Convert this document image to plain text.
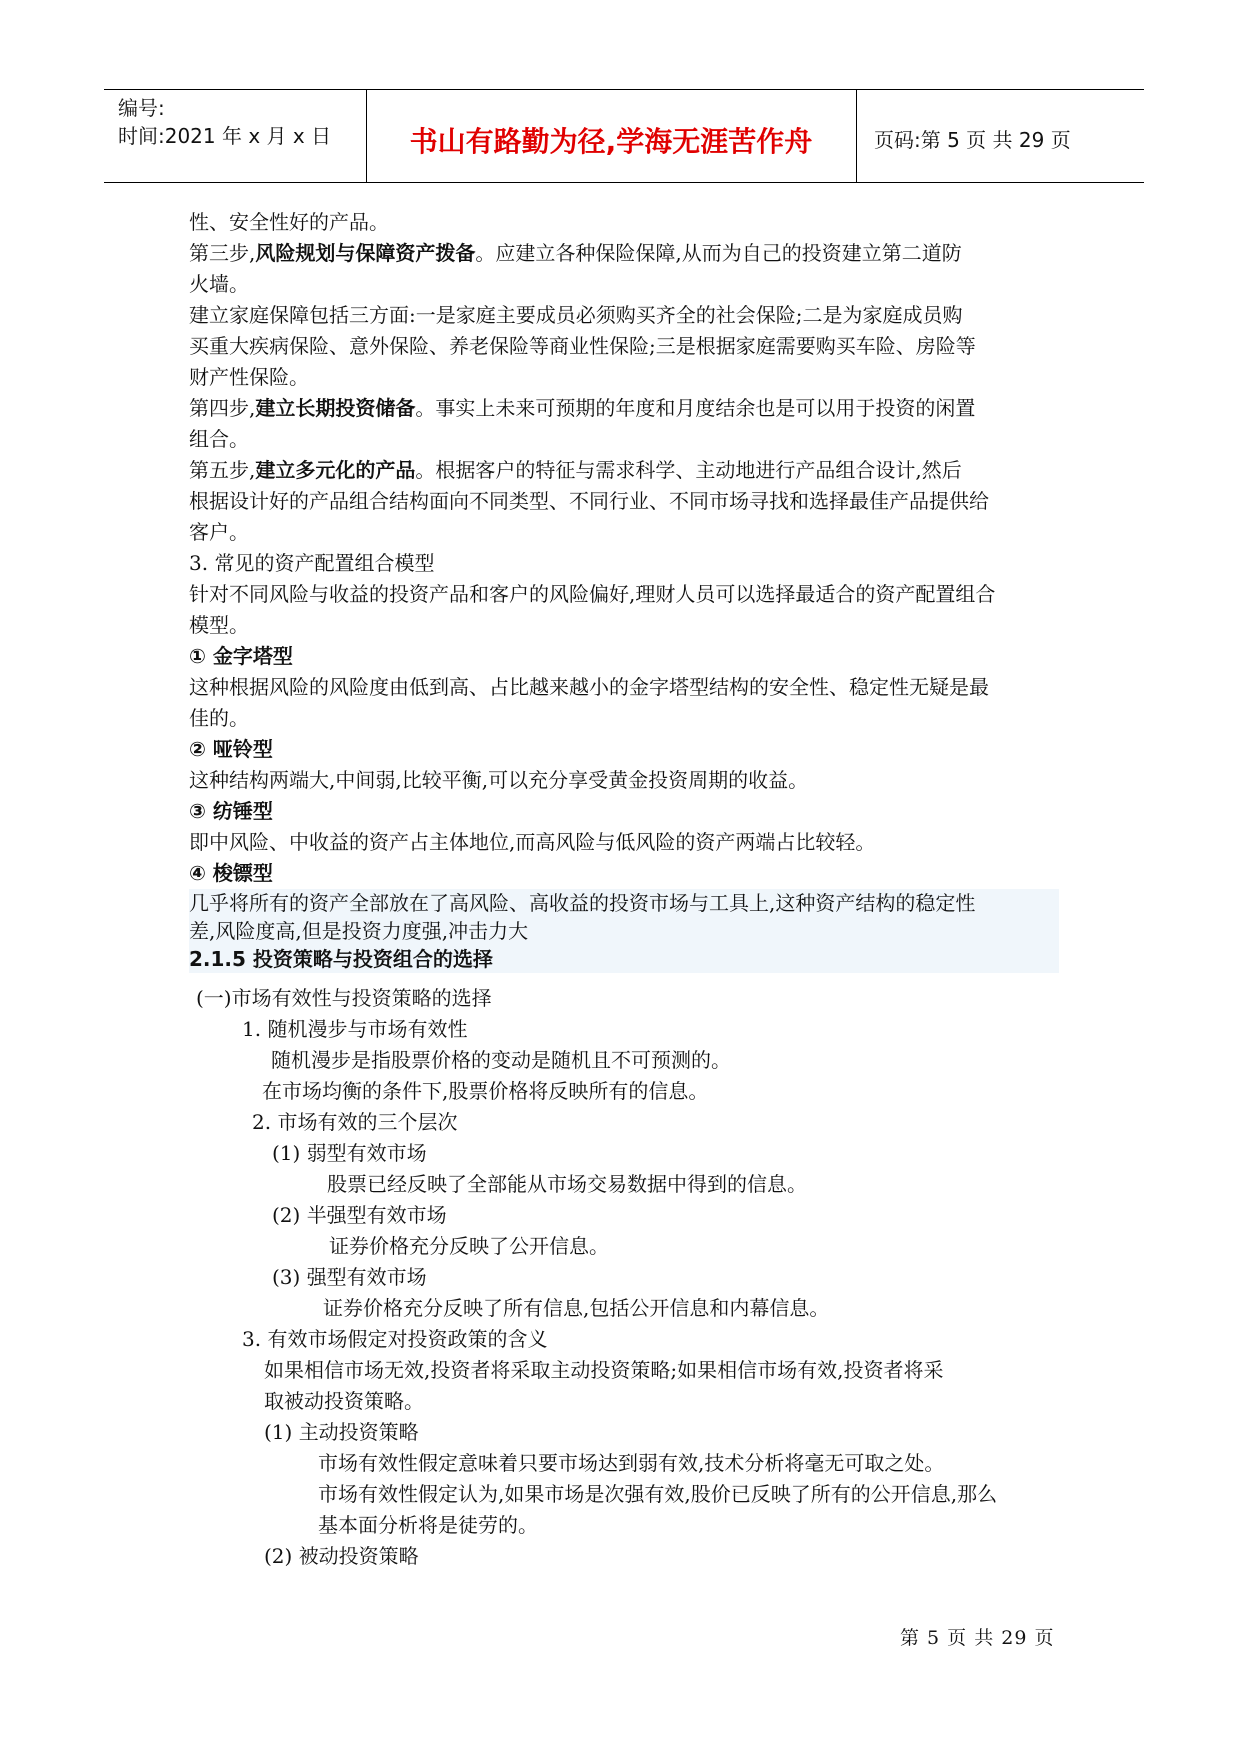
编号:
时间:2021 年 x 月 x 日	书山有路勤为径,学海无涯苦作舟	页码:第 5 页 共 29 页
性、安全性好的产品。
第三步,风险规划与保障资产拨备。应建立各种保险保障,从而为自己的投资建立第二道防
火墙。
建立家庭保障包括三方面:一是家庭主要成员必须购买齐全的社会保险;二是为家庭成员购
买重大疾病保险、意外保险、养老保险等商业性保险;三是根据家庭需要购买车险、房险等
财产性保险。
第四步,建立长期投资储备。事实上未来可预期的年度和月度结余也是可以用于投资的闲置
组合。
第五步,建立多元化的产品。根据客户的特征与需求科学、主动地进行产品组合设计,然后
根据设计好的产品组合结构面向不同类型、不同行业、不同市场寻找和选择最佳产品提供给
客户。
3. 常见的资产配置组合模型
针对不同风险与收益的投资产品和客户的风险偏好,理财人员可以选择最适合的资产配置组合
模型。
① 金字塔型
这种根据风险的风险度由低到高、占比越来越小的金字塔型结构的安全性、稳定性无疑是最
佳的。
② 哑铃型
这种结构两端大,中间弱,比较平衡,可以充分享受黄金投资周期的收益。
③ 纺锤型
即中风险、中收益的资产占主体地位,而高风险与低风险的资产两端占比较轻。
④ 梭镖型
几乎将所有的资产全部放在了高风险、高收益的投资市场与工具上,这种资产结构的稳定性
差,风险度高,但是投资力度强,冲击力大
2.1.5 投资策略与投资组合的选择
(一)市场有效性与投资策略的选择
1. 随机漫步与市场有效性
随机漫步是指股票价格的变动是随机且不可预测的。
在市场均衡的条件下,股票价格将反映所有的信息。
2. 市场有效的三个层次
(1) 弱型有效市场
股票已经反映了全部能从市场交易数据中得到的信息。
(2) 半强型有效市场
证券价格充分反映了公开信息。
(3) 强型有效市场
证券价格充分反映了所有信息,包括公开信息和内幕信息。
3. 有效市场假定对投资政策的含义
如果相信市场无效,投资者将采取主动投资策略;如果相信市场有效,投资者将采
取被动投资策略。
(1) 主动投资策略
市场有效性假定意味着只要市场达到弱有效,技术分析将毫无可取之处。
市场有效性假定认为,如果市场是次强有效,股价已反映了所有的公开信息,那么
基本面分析将是徒劳的。
(2) 被动投资策略
第 5 页 共 29 页
